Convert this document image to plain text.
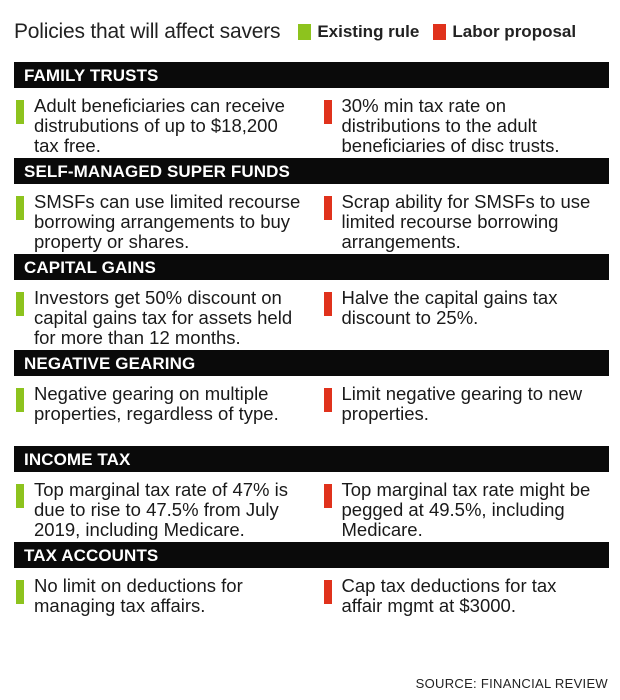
Policies that will affect savers Existing rule Labor proposal
FAMILY TRUSTS
Adult beneficiaries can receive distrubutions of up to $18,200 tax free.
30% min tax rate on distributions to the adult beneficiaries of disc trusts.
SELF-MANAGED SUPER FUNDS
SMSFs can use limited recourse borrowing arrangements to buy property or shares.
Scrap ability for SMSFs to use limited recourse borrowing arrangements.
CAPITAL GAINS
Investors get 50% discount on capital gains tax for assets held for more than 12 months.
Halve the capital gains tax discount to 25%.
NEGATIVE GEARING
Negative gearing on multiple properties, regardless of type.
Limit negative gearing to new properties.
INCOME TAX
Top marginal tax rate of 47% is due to rise to 47.5% from July 2019, including Medicare.
Top marginal tax rate might be pegged at 49.5%, including Medicare.
TAX ACCOUNTS
No limit on deductions for managing tax affairs.
Cap tax deductions for tax affair mgmt at $3000.
SOURCE: FINANCIAL REVIEW
